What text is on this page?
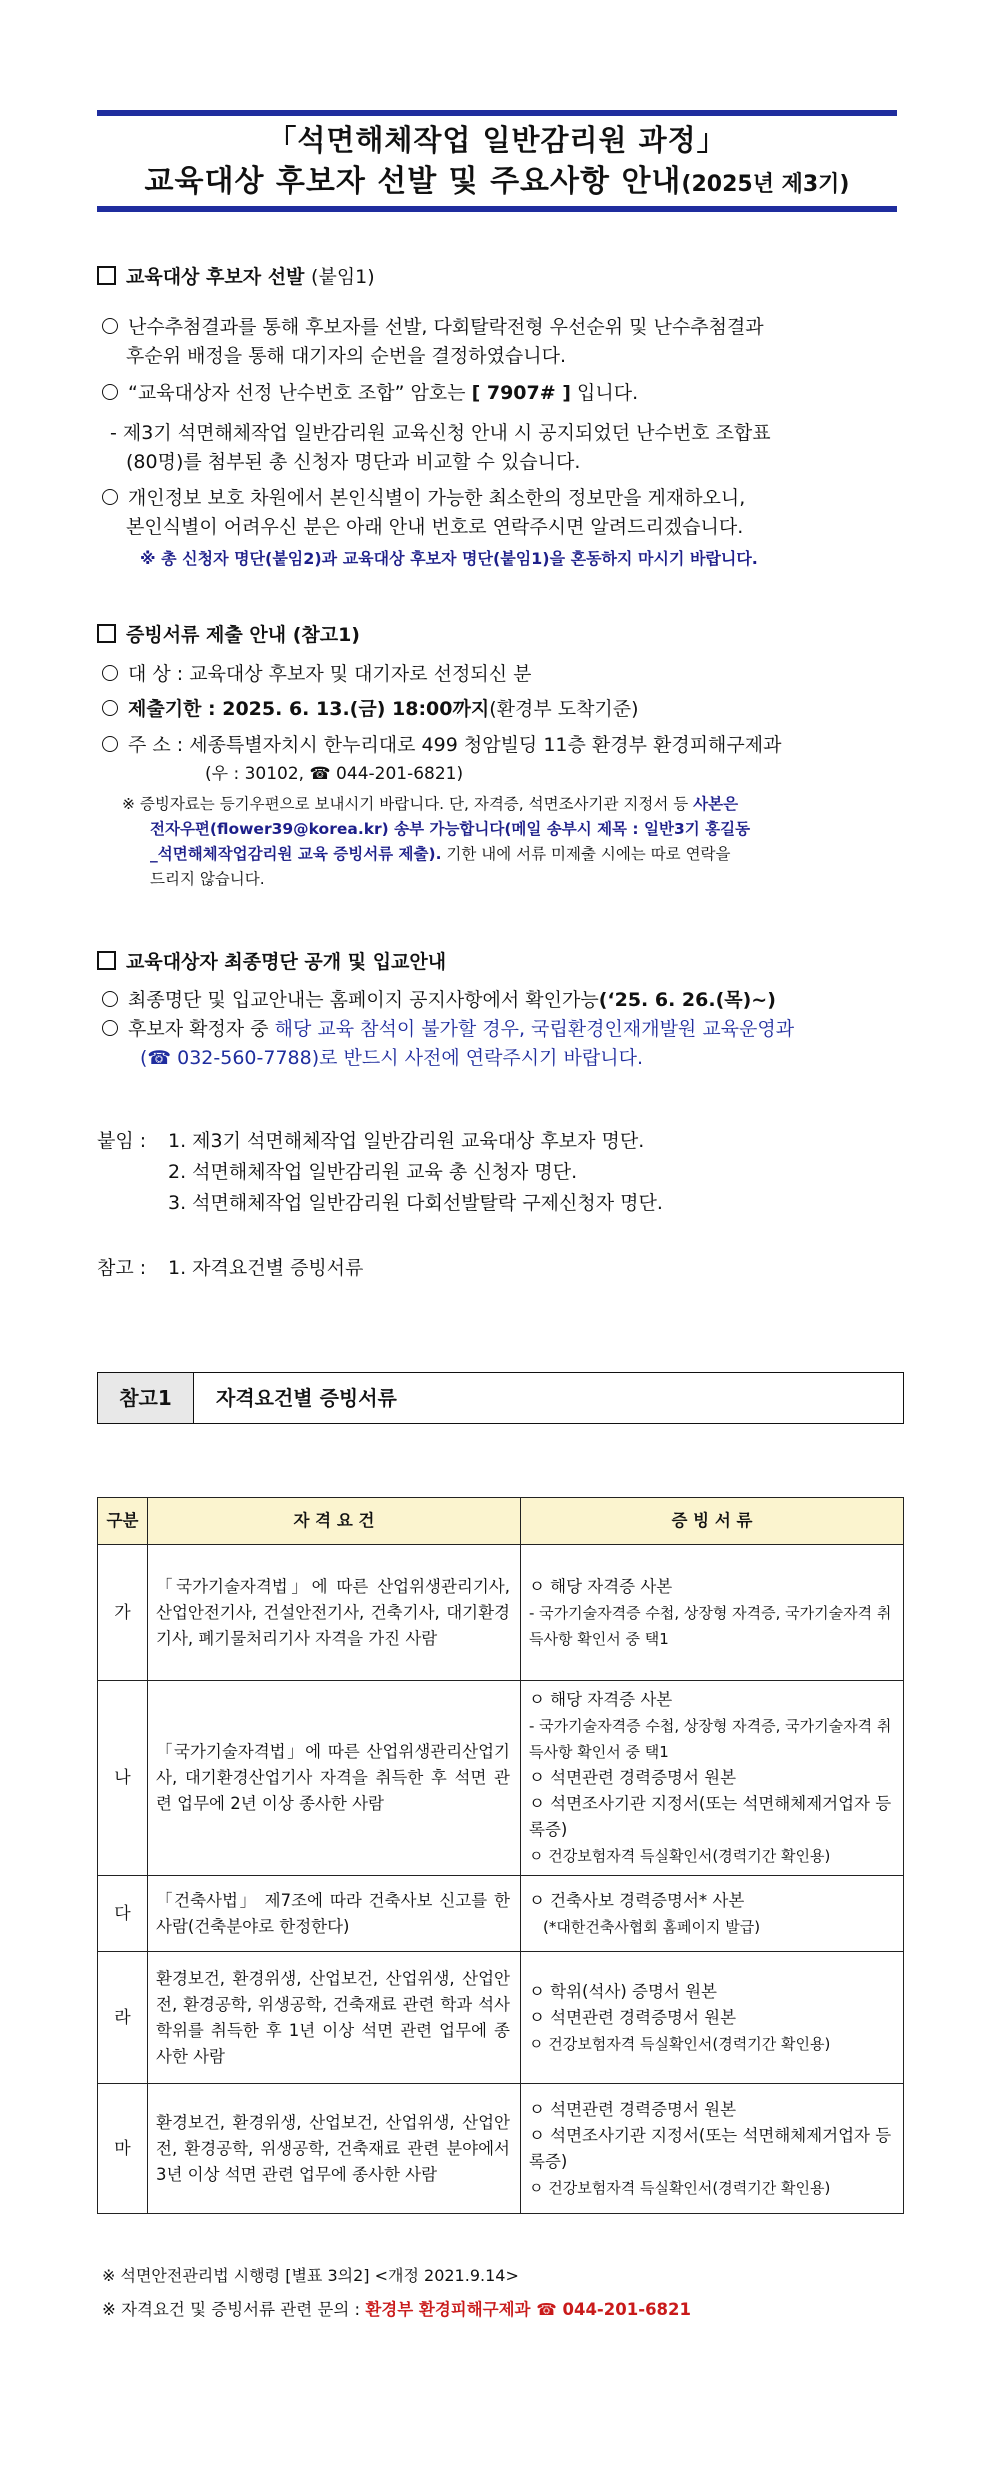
「석면해체작업 일반감리원 과정」
교육대상 후보자 선발 및 주요사항 안내(2025년 제3기)
교육대상 후보자 선발 (붙임1)
난수추첨결과를 통해 후보자를 선발, 다회탈락전형 우선순위 및 난수추첨결과
후순위 배정을 통해 대기자의 순번을 결정하였습니다.
“교육대상자 선정 난수번호 조합” 암호는 [ 7907# ] 입니다.
- 제3기 석면해체작업 일반감리원 교육신청 안내 시 공지되었던 난수번호 조합표
(80명)를 첨부된 총 신청자 명단과 비교할 수 있습니다.
개인정보 보호 차원에서 본인식별이 가능한 최소한의 정보만을 게재하오니,
본인식별이 어려우신 분은 아래 안내 번호로 연락주시면 알려드리겠습니다.
※ 총 신청자 명단(붙임2)과 교육대상 후보자 명단(붙임1)을 혼동하지 마시기 바랍니다.
증빙서류 제출 안내 (참고1)
대 상 : 교육대상 후보자 및 대기자로 선정되신 분
제출기한 : 2025. 6. 13.(금) 18:00까지(환경부 도착기준)
주 소 : 세종특별자치시 한누리대로 499 청암빌딩 11층 환경부 환경피해구제과
(우 : 30102, ☎ 044-201-6821)
※ 증빙자료는 등기우편으로 보내시기 바랍니다. 단, 자격증, 석면조사기관 지정서 등 사본은
전자우편(flower39@korea.kr) 송부 가능합니다(메일 송부시 제목 : 일반3기 홍길동
_석면해체작업감리원 교육 증빙서류 제출). 기한 내에 서류 미제출 시에는 따로 연락을
드리지 않습니다.
교육대상자 최종명단 공개 및 입교안내
최종명단 및 입교안내는 홈페이지 공지사항에서 확인가능(‘25. 6. 26.(목)~)
후보자 확정자 중 해당 교육 참석이 불가할 경우, 국립환경인재개발원 교육운영과
(☎ 032-560-7788)로 반드시 사전에 연락주시기 바랍니다.
붙임 : 1. 제3기 석면해체작업 일반감리원 교육대상 후보자 명단.
2. 석면해체작업 일반감리원 교육 총 신청자 명단.
3. 석면해체작업 일반감리원 다회선발탈락 구제신청자 명단.
참고 : 1. 자격요건별 증빙서류
참고1	자격요건별 증빙서류
구분	자 격 요 건	증 빙 서 류
가	「국가기술자격법」에 따른 산업위생관리기사, 산업안전기사, 건설안전기사, 건축기사, 대기환경기사, 폐기물처리기사 자격을 가진 사람	ㅇ 해당 자격증 사본
- 국가기술자격증 수첩, 상장형 자격증, 국가기술자격 취득사항 확인서 중 택1

나	「국가기술자격법」에 따른 산업위생관리산업기사, 대기환경산업기사 자격을 취득한 후 석면 관련 업무에 2년 이상 종사한 사람	ㅇ 해당 자격증 사본
- 국가기술자격증 수첩, 상장형 자격증, 국가기술자격 취득사항 확인서 중 택1
ㅇ 석면관련 경력증명서 원본
ㅇ 석면조사기관 지정서(또는 석면해체제거업자 등록증)
ㅇ 건강보험자격 득실확인서(경력기간 확인용)

다	「건축사법」 제7조에 따라 건축사보 신고를 한 사람(건축분야로 한정한다)	ㅇ 건축사보 경력증명서* 사본
(*대한건축사협회 홈페이지 발급)

라	환경보건, 환경위생, 산업보건, 산업위생, 산업안전, 환경공학, 위생공학, 건축재료 관련 학과 석사 학위를 취득한 후 1년 이상 석면 관련 업무에 종사한 사람	ㅇ 학위(석사) 증명서 원본
ㅇ 석면관련 경력증명서 원본
ㅇ 건강보험자격 득실확인서(경력기간 확인용)

마	환경보건, 환경위생, 산업보건, 산업위생, 산업안전, 환경공학, 위생공학, 건축재료 관련 분야에서 3년 이상 석면 관련 업무에 종사한 사람	ㅇ 석면관련 경력증명서 원본
ㅇ 석면조사기관 지정서(또는 석면해체제거업자 등록증)
ㅇ 건강보험자격 득실확인서(경력기간 확인용)
※ 석면안전관리법 시행령 [별표 3의2] <개정 2021.9.14>
※ 자격요건 및 증빙서류 관련 문의 : 환경부 환경피해구제과 ☎ 044-201-6821
